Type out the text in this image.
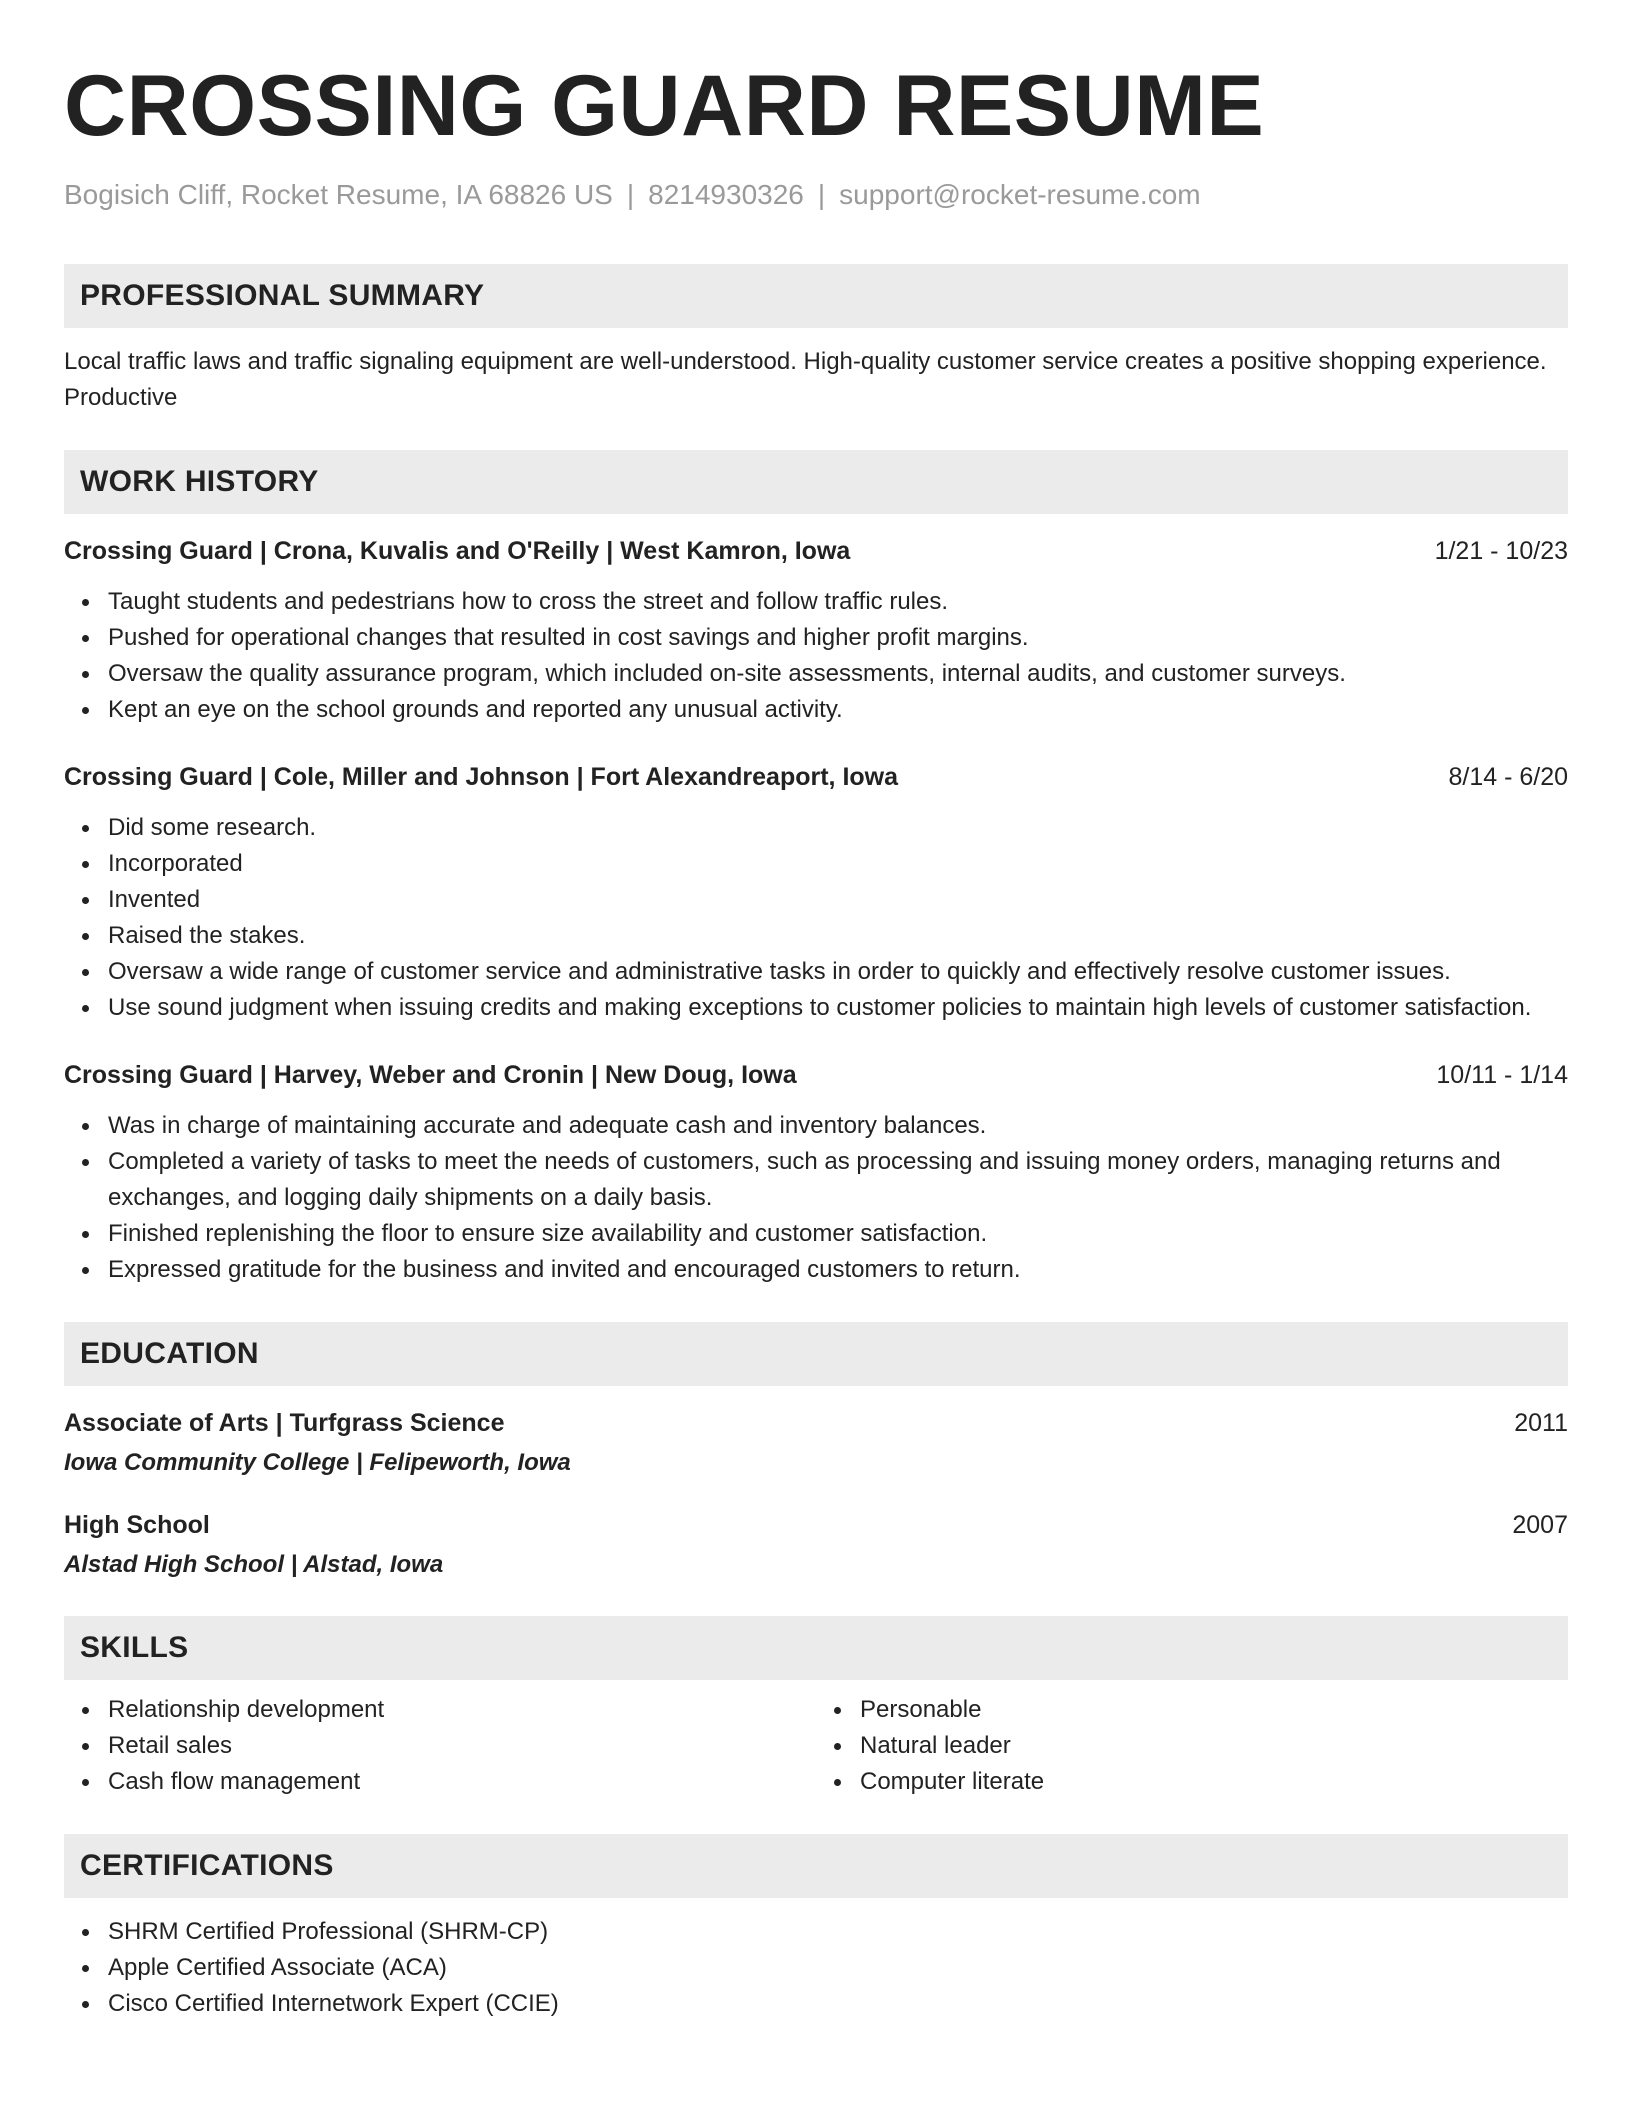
CROSSING GUARD RESUME
Bogisich Cliff, Rocket Resume, IA 68826 US | 8214930326 | support@rocket-resume.com
PROFESSIONAL SUMMARY
Local traffic laws and traffic signaling equipment are well-understood. High-quality customer service creates a positive shopping experience. Productive
WORK HISTORY
Crossing Guard | Crona, Kuvalis and O'Reilly | West Kamron, Iowa	1/21 - 10/23
Taught students and pedestrians how to cross the street and follow traffic rules.
Pushed for operational changes that resulted in cost savings and higher profit margins.
Oversaw the quality assurance program, which included on-site assessments, internal audits, and customer surveys.
Kept an eye on the school grounds and reported any unusual activity.
Crossing Guard | Cole, Miller and Johnson | Fort Alexandreaport, Iowa	8/14 - 6/20
Did some research.
Incorporated
Invented
Raised the stakes.
Oversaw a wide range of customer service and administrative tasks in order to quickly and effectively resolve customer issues.
Use sound judgment when issuing credits and making exceptions to customer policies to maintain high levels of customer satisfaction.
Crossing Guard | Harvey, Weber and Cronin | New Doug, Iowa	10/11 - 1/14
Was in charge of maintaining accurate and adequate cash and inventory balances.
Completed a variety of tasks to meet the needs of customers, such as processing and issuing money orders, managing returns and exchanges, and logging daily shipments on a daily basis.
Finished replenishing the floor to ensure size availability and customer satisfaction.
Expressed gratitude for the business and invited and encouraged customers to return.
EDUCATION
Associate of Arts | Turfgrass Science	2011
Iowa Community College | Felipeworth, Iowa
High School	2007
Alstad High School | Alstad, Iowa
SKILLS
Relationship development
Retail sales
Cash flow management
Personable
Natural leader
Computer literate
CERTIFICATIONS
SHRM Certified Professional (SHRM-CP)
Apple Certified Associate (ACA)
Cisco Certified Internetwork Expert (CCIE)
